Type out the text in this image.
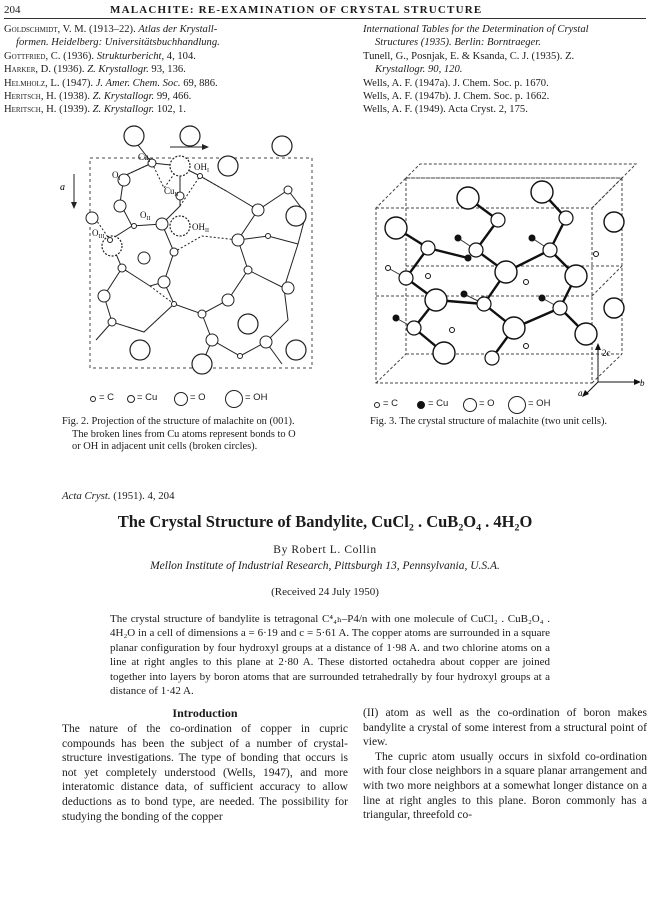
204	MALACHITE: RE-EXAMINATION OF CRYSTAL STRUCTURE
Goldschmidt, V. M. (1913–22). Atlas der Krystall-
formen. Heidelberg: Universitätsbuchhandlung.
Gottfried, C. (1936). Strukturbericht, 4, 104.
Harker, D. (1936). Z. Krystallogr. 93, 136.
Helmholz, L. (1947). J. Amer. Chem. Soc. 69, 886.
Heritsch, H. (1938). Z. Krystallogr. 99, 466.
Heritsch, H. (1939). Z. Krystallogr. 102, 1.
International Tables for the Determination of Crystal
Structures (1935). Berlin: Borntraeger.
Tunell, G., Posnjak, E. & Ksanda, C. J. (1935). Z.
Krystallogr. 90, 120.
Wells, A. F. (1947a). J. Chem. Soc. p. 1670.
Wells, A. F. (1947b). J. Chem. Soc. p. 1662.
Wells, A. F. (1949). Acta Cryst. 2, 175.
a
$Cu_I$
$OH_I$
$Cu_{II}$
$OH_{II}$
$O_I$
$O_{II}$
$O_{III}$
= C = Cu	= O	= OH
Fig. 2. Projection of the structure of malachite on (001).
The broken lines from Cu atoms represent bonds to O
or OH in adjacent unit cells (broken circles).
2c
b
a
= C	= Cu	= O	= OH
Fig. 3. The crystal structure of malachite (two unit cells).
Acta Cryst. (1951). 4, 204
The Crystal Structure of Bandylite, CuCl₂ . CuB₂O₄ . 4H₂O
By Robert L. Collin
Mellon Institute of Industrial Research, Pittsburgh 13, Pennsylvania, U.S.A.
(Received 24 July 1950)
The crystal structure of bandylite is tetragonal C⁴₄ₕ–P4/n with one molecule of CuCl₂ . CuB₂O₄ . 4H₂O in a cell of dimensions a = 6·19 and c = 5·61 A. The copper atoms are surrounded in a square planar configuration by four hydroxyl groups at a distance of 1·98 A. and two chlorine atoms on a line at right angles to this plane at 2·80 A. These distorted octahedra about copper are joined together into layers by boron atoms that are surrounded tetrahedrally by four hydroxyl groups at a distance of 1·42 A.
Introduction

The nature of the co-ordination of copper in cupric compounds has been the subject of a number of crystal-structure investigations. The type of bonding that occurs is not yet completely understood (Wells, 1947), and more interatomic distance data, of sufficient accuracy to allow deductions as to bond type, are needed. The possibility for studying the bonding of the copper

(II) atom as well as the co-ordination of boron makes bandylite a crystal of some interest from a structural point of view.

The cupric atom usually occurs in sixfold co-ordination with four close neighbors in a square planar arrangement and with two more neighbors at a somewhat longer distance on a line at right angles to this plane. Boron commonly has a triangular, threefold co-
